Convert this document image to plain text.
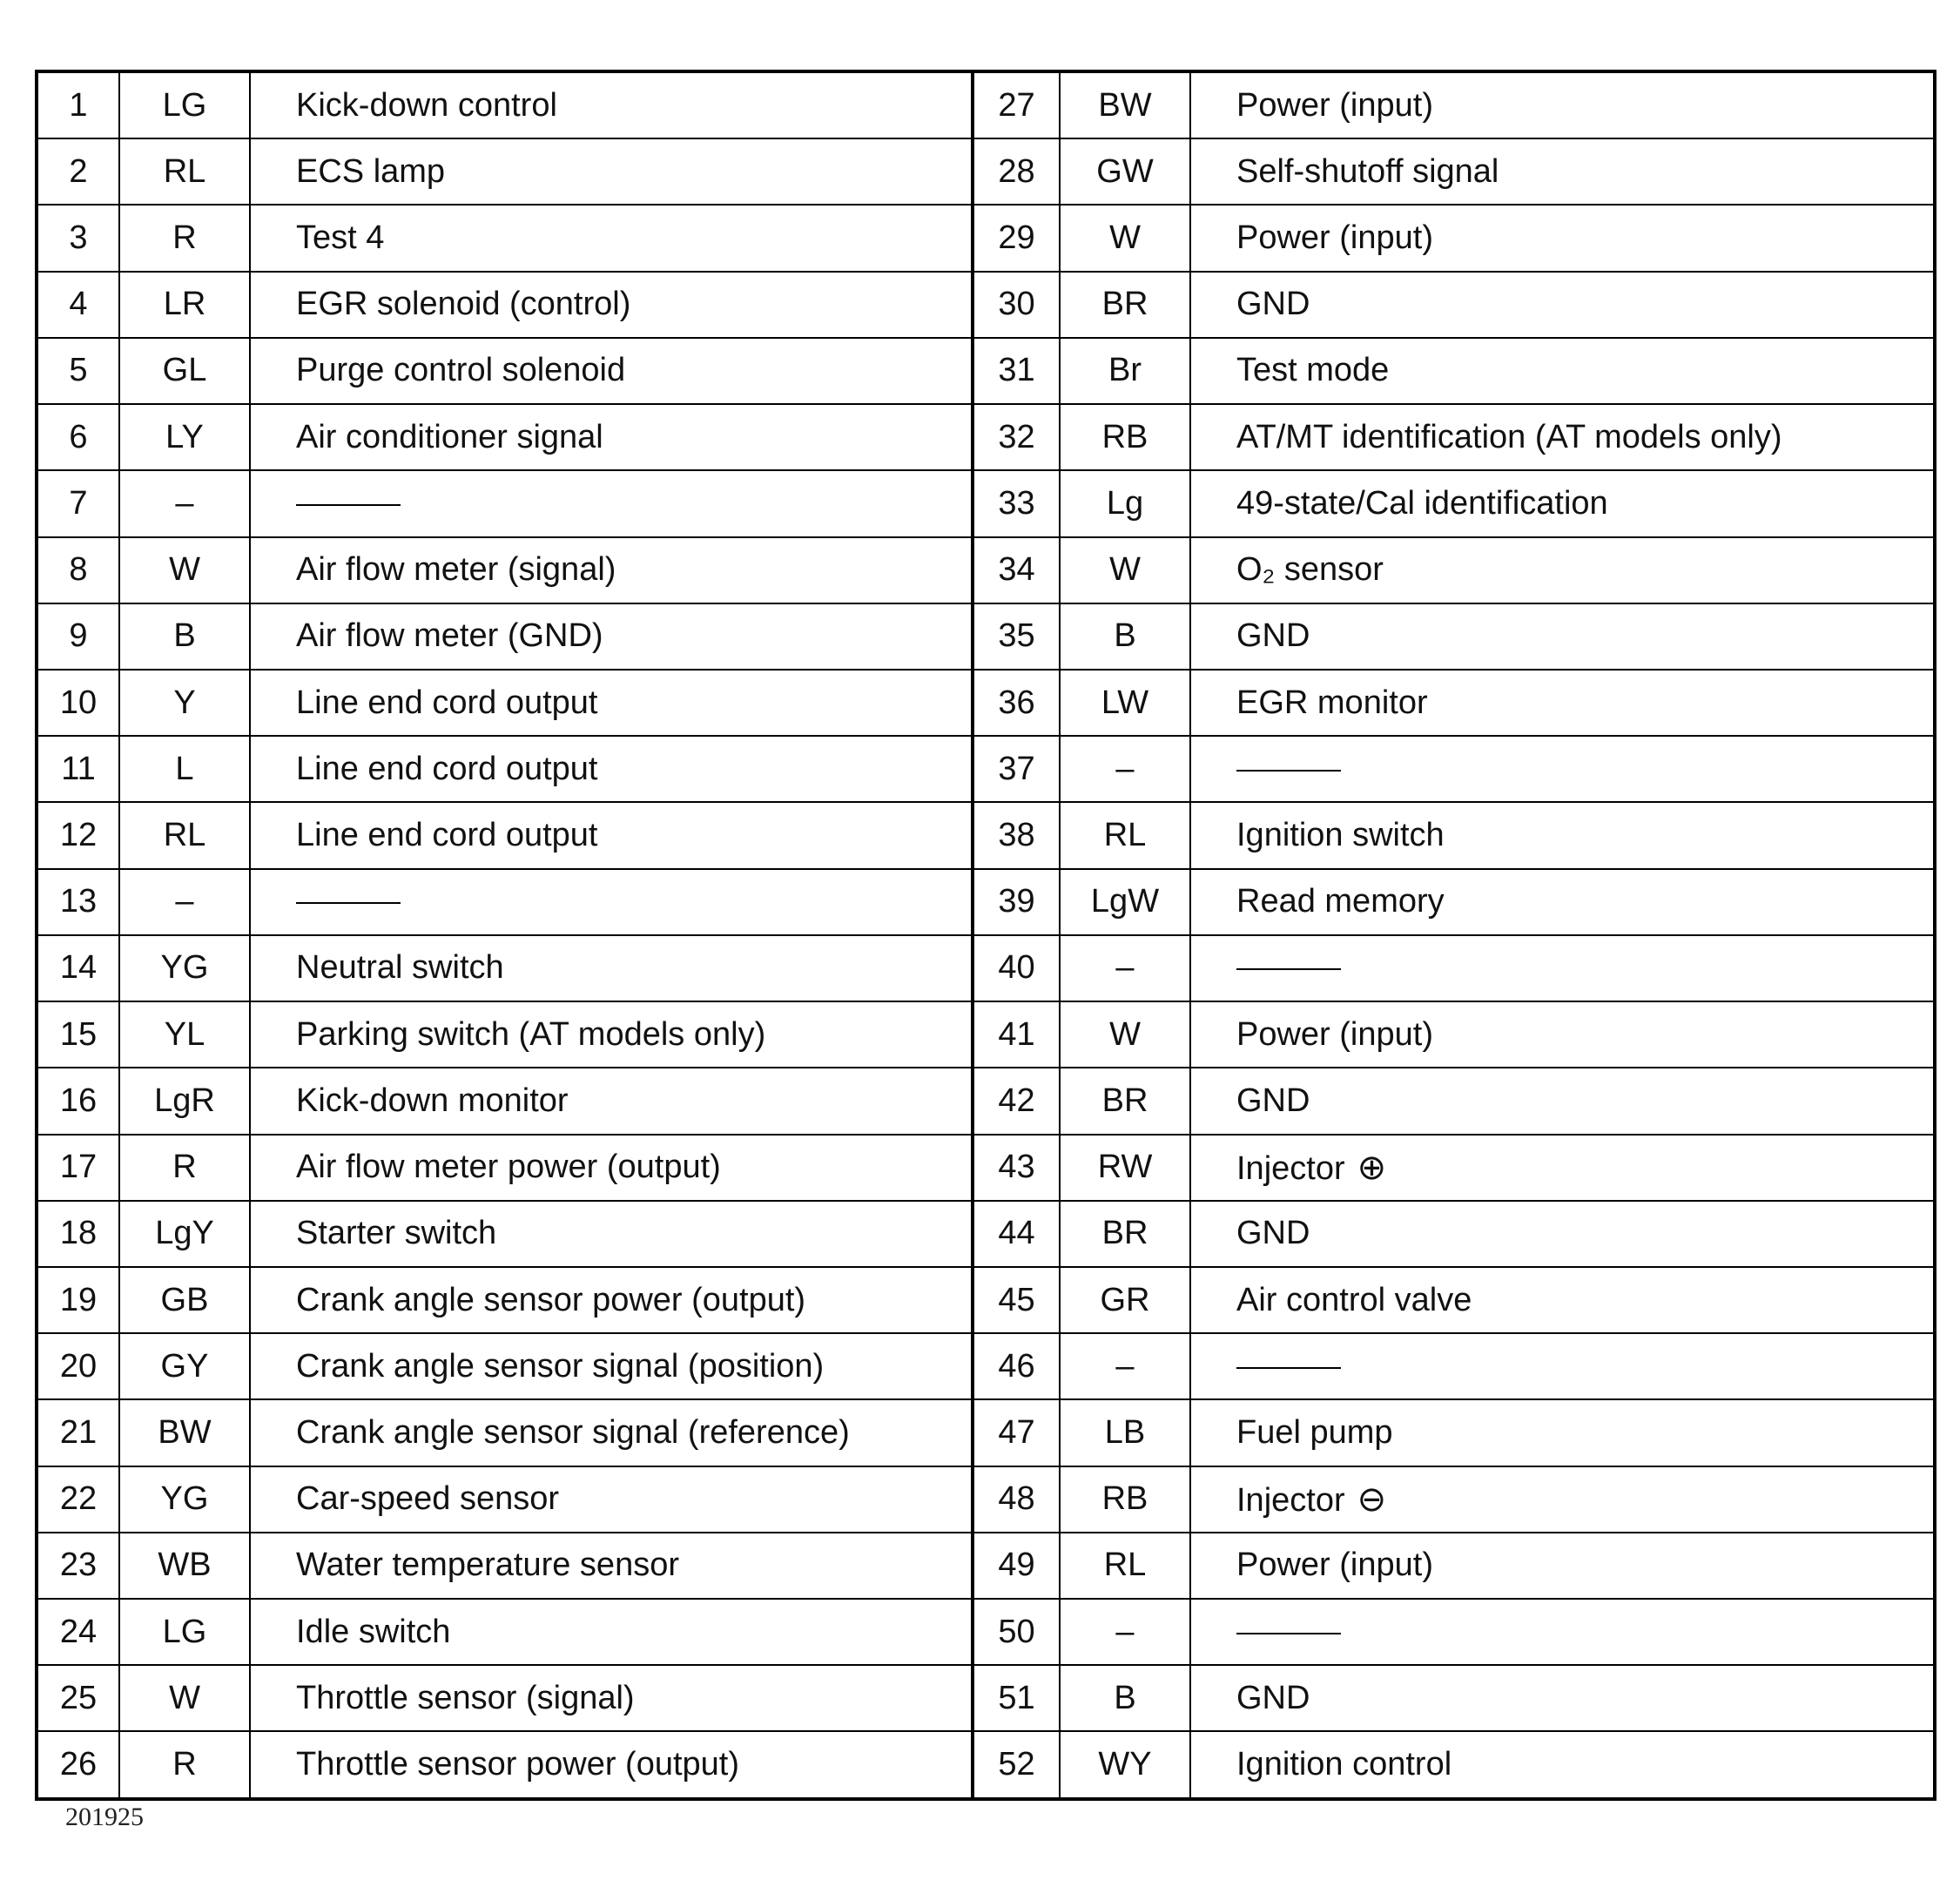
1	LG	Kick-down control	27	BW	Power (input)
2	RL	ECS lamp	28	GW	Self-shutoff signal
3	R	Test 4	29	W	Power (input)
4	LR	EGR solenoid (control)	30	BR	GND
5	GL	Purge control solenoid	31	Br	Test mode
6	LY	Air conditioner signal	32	RB	AT/MT identification (AT models only)
7	–		33	Lg	49-state/Cal identification
8	W	Air flow meter (signal)	34	W	O₂ sensor
9	B	Air flow meter (GND)	35	B	GND
10	Y	Line end cord output	36	LW	EGR monitor
11	L	Line end cord output	37	–	
12	RL	Line end cord output	38	RL	Ignition switch
13	–		39	LgW	Read memory
14	YG	Neutral switch	40	–	
15	YL	Parking switch (AT models only)	41	W	Power (input)
16	LgR	Kick-down monitor	42	BR	GND
17	R	Air flow meter power (output)	43	RW	Injector ⊕
18	LgY	Starter switch	44	BR	GND
19	GB	Crank angle sensor power (output)	45	GR	Air control valve
20	GY	Crank angle sensor signal (position)	46	–	
21	BW	Crank angle sensor signal (reference)	47	LB	Fuel pump
22	YG	Car-speed sensor	48	RB	Injector ⊖
23	WB	Water temperature sensor	49	RL	Power (input)
24	LG	Idle switch	50	–	
25	W	Throttle sensor (signal)	51	B	GND
26	R	Throttle sensor power (output)	52	WY	Ignition control
201925
